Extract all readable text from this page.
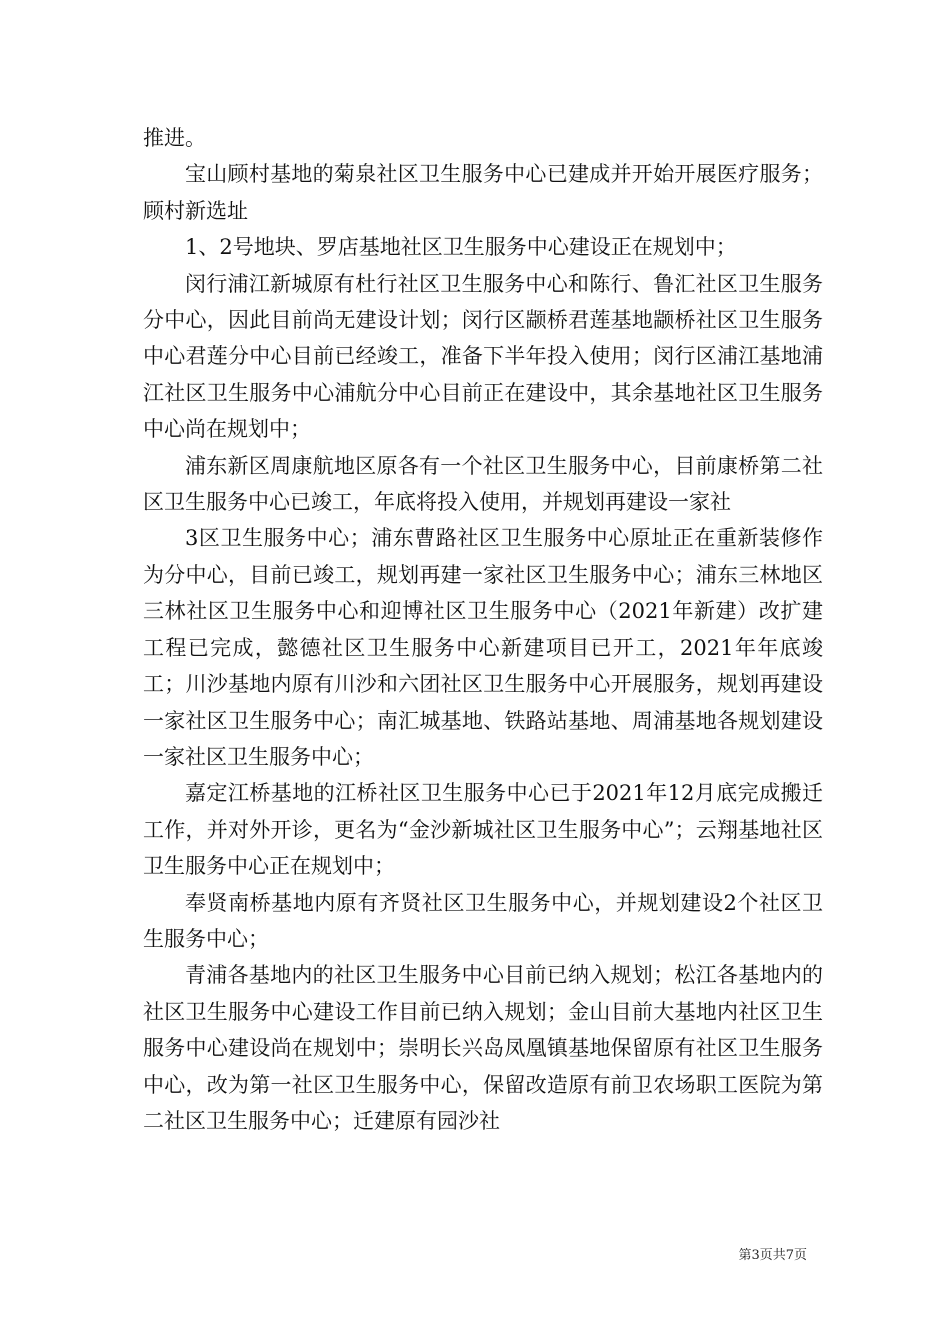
推进。

宝山顾村基地的菊泉社区卫生服务中心已建成并开始开展医疗服务；顾村新选址

1、2号地块、罗店基地社区卫生服务中心建设正在规划中；

闵行浦江新城原有杜行社区卫生服务中心和陈行、鲁汇社区卫生服务分中心，因此目前尚无建设计划；闵行区颛桥君莲基地颛桥社区卫生服务中心君莲分中心目前已经竣工，准备下半年投入使用；闵行区浦江基地浦江社区卫生服务中心浦航分中心目前正在建设中，其余基地社区卫生服务中心尚在规划中；

浦东新区周康航地区原各有一个社区卫生服务中心，目前康桥第二社区卫生服务中心已竣工，年底将投入使用，并规划再建设一家社

3区卫生服务中心；浦东曹路社区卫生服务中心原址正在重新装修作为分中心，目前已竣工，规划再建一家社区卫生服务中心；浦东三林地区三林社区卫生服务中心和迎博社区卫生服务中心（2021年新建）改扩建工程已完成，懿德社区卫生服务中心新建项目已开工，2021年年底竣工；川沙基地内原有川沙和六团社区卫生服务中心开展服务，规划再建设一家社区卫生服务中心；南汇城基地、铁路站基地、周浦基地各规划建设一家社区卫生服务中心；

嘉定江桥基地的江桥社区卫生服务中心已于2021年12月底完成搬迁工作，并对外开诊，更名为“金沙新城社区卫生服务中心”；云翔基地社区卫生服务中心正在规划中；

奉贤南桥基地内原有齐贤社区卫生服务中心，并规划建设2个社区卫生服务中心；

青浦各基地内的社区卫生服务中心目前已纳入规划；松江各基地内的社区卫生服务中心建设工作目前已纳入规划；金山目前大基地内社区卫生服务中心建设尚在规划中；崇明长兴岛凤凰镇基地保留原有社区卫生服务中心，改为第一社区卫生服务中心，保留改造原有前卫农场职工医院为第二社区卫生服务中心；迁建原有园沙社

第3页共7页
